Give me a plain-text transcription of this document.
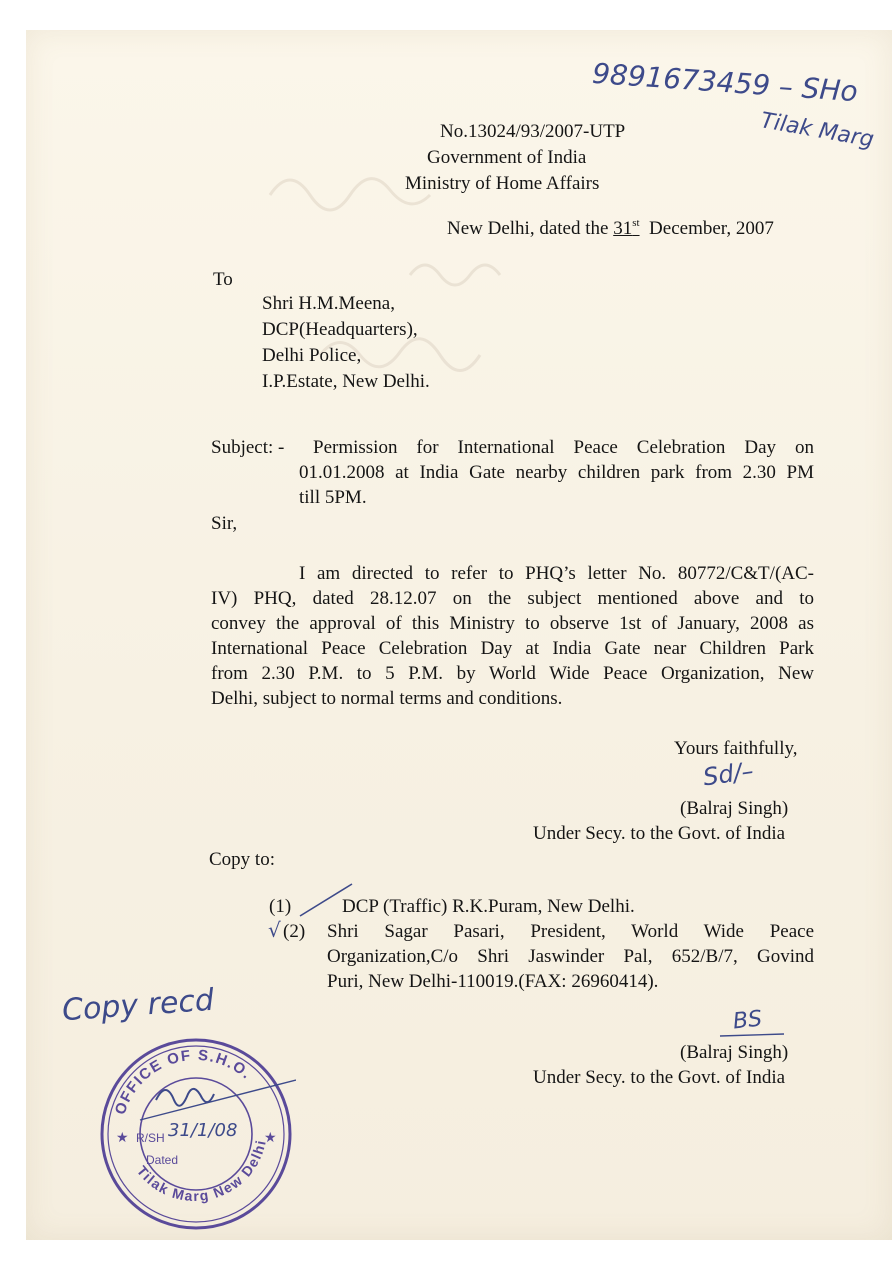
9891673459 – SHo
Tilak Marg
No.13024/93/2007-UTP
Government of India
Ministry of Home Affairs
New Delhi, dated the 31st December, 2007
To
Shri H.M.Meena,
DCP(Headquarters),
Delhi Police,
I.P.Estate, New Delhi.
Subject: - Permission for International Peace Celebration Day on
01.01.2008 at India Gate nearby children park from 2.30 PM
till 5PM.
Sir,
I am directed to refer to PHQ’s letter No. 80772/C&T/(AC-
IV) PHQ, dated 28.12.07 on the subject mentioned above and to
convey the approval of this Ministry to observe 1st of January, 2008 as
International Peace Celebration Day at India Gate near Children Park
from 2.30 P.M. to 5 P.M. by World Wide Peace Organization, New
Delhi, subject to normal terms and conditions.
Yours faithfully,
Sd/–
(Balraj Singh)
Under Secy. to the Govt. of India
Copy to:
(1)	DCP (Traffic) R.K.Puram, New Delhi.
√ (2) Shri Sagar Pasari, President, World Wide Peace
Organization,C/o Shri Jaswinder Pal, 652/B/7, Govind
Puri, New Delhi-110019.(FAX: 26960414).
Copy recd	BS
(Balraj Singh)
Under Secy. to the Govt. of India
OFFICE OF S.H.O.
Tilak Marg New Delhi
★	★
R/SH
Dated
31/1/08
